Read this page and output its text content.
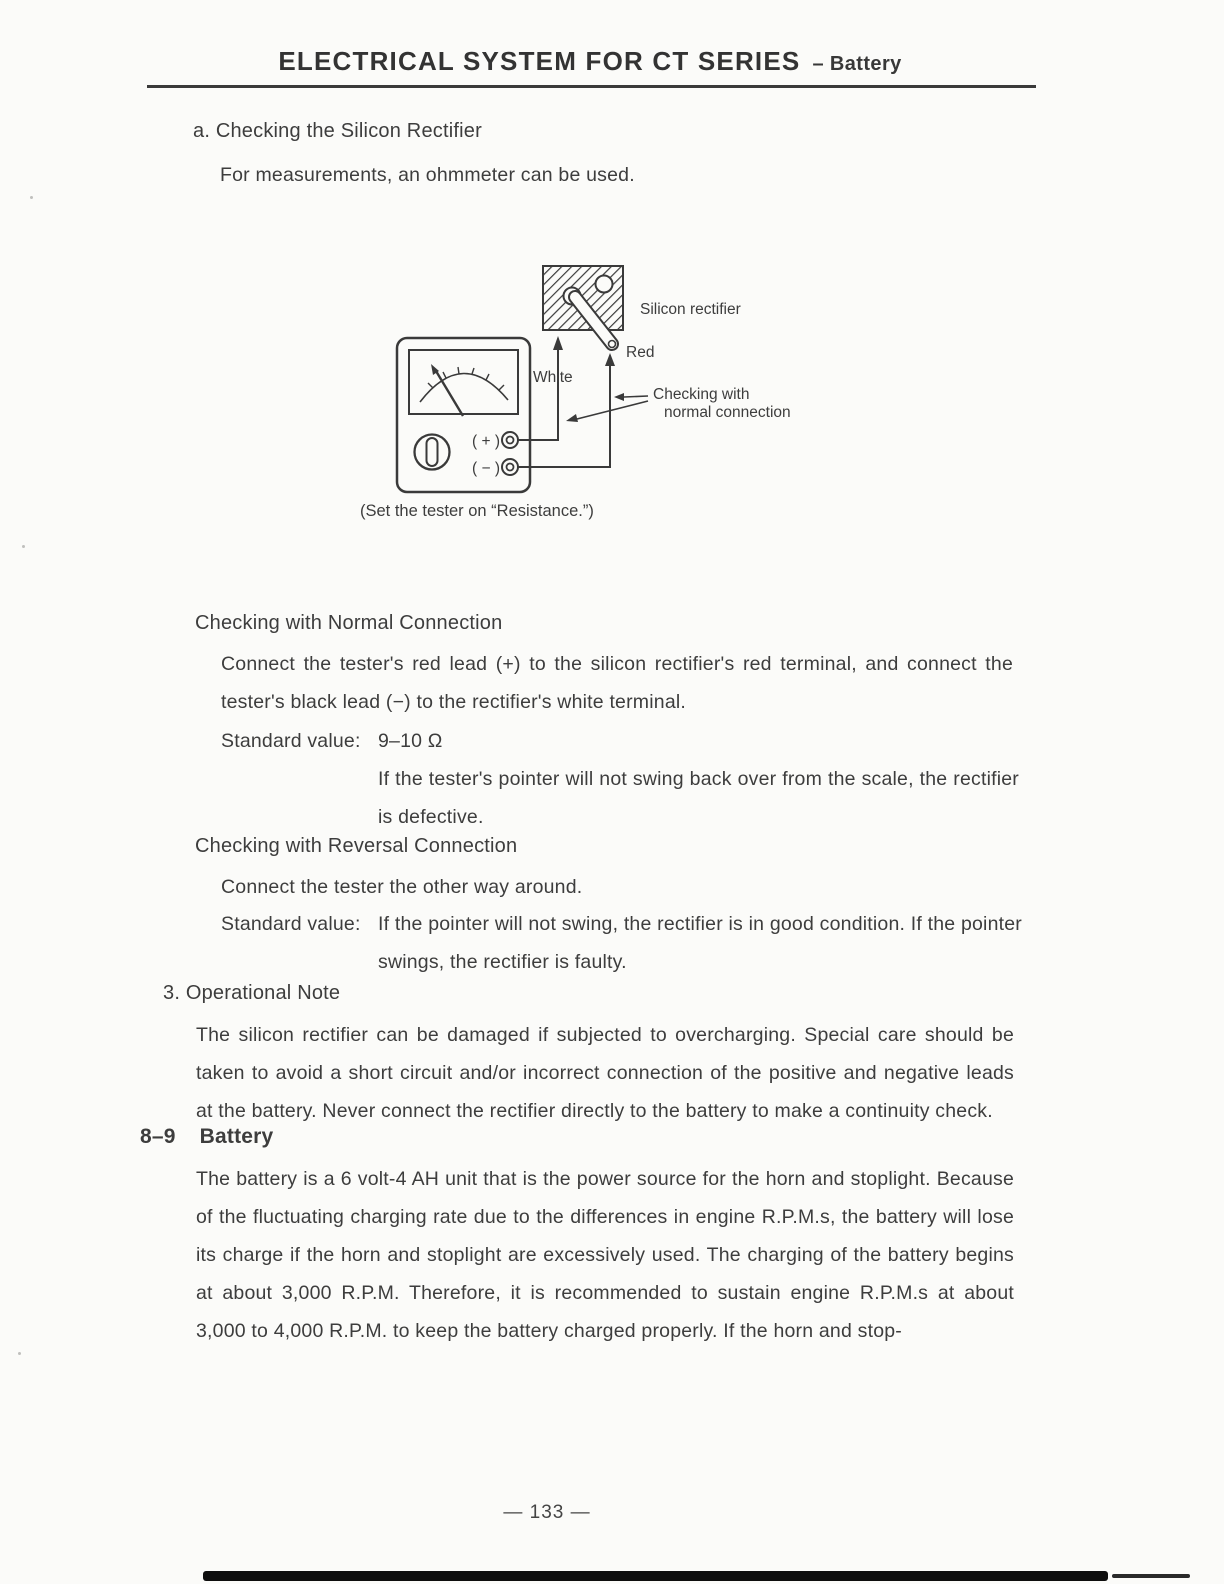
ELECTRICAL SYSTEM FOR CT SERIES – Battery
a. Checking the Silicon Rectifier
For measurements, an ohmmeter can be used.
( + )
( − )
Silicon rectifier
Red
White
Checking with
normal connection
(Set the tester on “Resistance.”)
Checking with Normal Connection
Connect the tester's red lead (+) to the silicon rectifier's red terminal, and connect the tester's black lead (−) to the rectifier's white terminal.
Standard value: 9–10 Ω
If the tester's pointer will not swing back over from the scale, the rectifier is defective.
Checking with Reversal Connection
Connect the tester the other way around.
Standard value: If the pointer will not swing, the rectifier is in good condition. If the pointer swings, the rectifier is faulty.
3. Operational Note
The silicon rectifier can be damaged if subjected to overcharging. Special care should be taken to avoid a short circuit and/or incorrect connection of the positive and negative leads at the battery. Never connect the rectifier directly to the battery to make a continuity check.
8–9 Battery
The battery is a 6 volt-4 AH unit that is the power source for the horn and stoplight. Because of the fluctuating charging rate due to the differences in engine R.P.M.s, the battery will lose its charge if the horn and stoplight are excessively used. The charging of the battery begins at about 3,000 R.P.M. Therefore, it is recommended to sustain engine R.P.M.s at about 3,000 to 4,000 R.P.M. to keep the battery charged properly. If the horn and stop-
— 133 —
